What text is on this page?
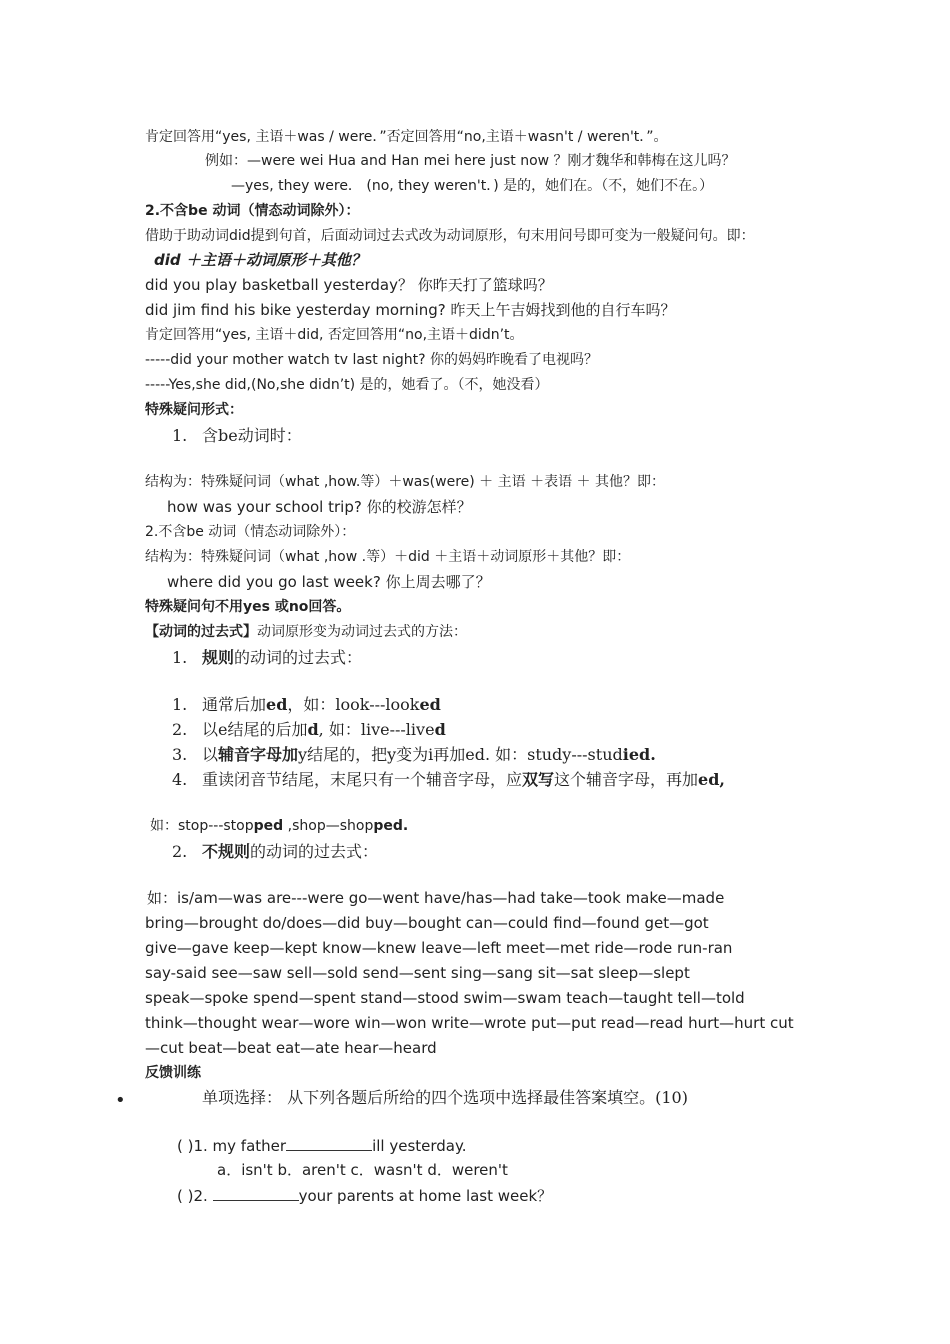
肯定回答用“yes, 主语＋was / were．”否定回答用“no,主语＋wasn't / weren't．”。
例如：—were wei Hua and Han mei here just now ？刚才魏华和韩梅在这儿吗？
—yes, they were． (no, they weren't．) 是的，她们在。（不，她们不在。）
2.不含be 动词（情态动词除外）：
借助于助动词did提到句首，后面动词过去式改为动词原形，句末用问号即可变为一般疑问句。即：
did ＋主语＋动词原形＋其他？
did you play basketball yesterday？ 你昨天打了篮球吗？
did jim find his bike yesterday morning? 昨天上午吉姆找到他的自行车吗？
肯定回答用“yes, 主语＋did, 否定回答用“no,主语＋didn’t。
-----did your mother watch tv last night? 你的妈妈昨晚看了电视吗？
-----Yes,she did,(No,she didn’t) 是的，她看了。（不，她没看）
特殊疑问形式：
1. 含be动词时：
结构为：特殊疑问词（what ,how.等）＋was(were) ＋ 主语 ＋表语 ＋ 其他？即：
how was your school trip? 你的校游怎样？
2.不含be 动词（情态动词除外）：
结构为：特殊疑问词（what ,how .等）＋did ＋主语＋动词原形＋其他？即：
where did you go last week? 你上周去哪了？
特殊疑问句不用yes 或no回答。
【动词的过去式】动词原形变为动词过去式的方法：
1. 规则的动词的过去式：
1. 通常后加ed，如：look---looked
2. 以e结尾的后加d, 如：live---lived
3. 以辅音字母加y结尾的，把y变为i再加ed. 如：study---studied.
4. 重读闭音节结尾，末尾只有一个辅音字母，应双写这个辅音字母，再加ed,
如：stop---stopped ,shop—shopped.
2. 不规则的动词的过去式：
如：is/am—was are---were go—went have/has—had take—took make—made
bring—brought do/does—did buy—bought can—could find—found get—got
give—gave keep—kept know—knew leave—left meet—met ride—rode run-ran
say-said see—saw sell—sold send—sent sing—sang sit—sat sleep—slept
speak—spoke spend—spent stand—stood swim—swam teach—taught tell—told
think—thought wear—wore win—won write—wrote put—put read—read hurt—hurt cut
—cut beat—beat eat—ate hear—heard
反馈训练
•	单项选择： 从下列各题后所给的四个选项中选择最佳答案填空。(10)
( )1. my father	ill yesterday.
a．isn't b．aren't c．wasn't d．weren't
( )2.	your parents at home last week？
